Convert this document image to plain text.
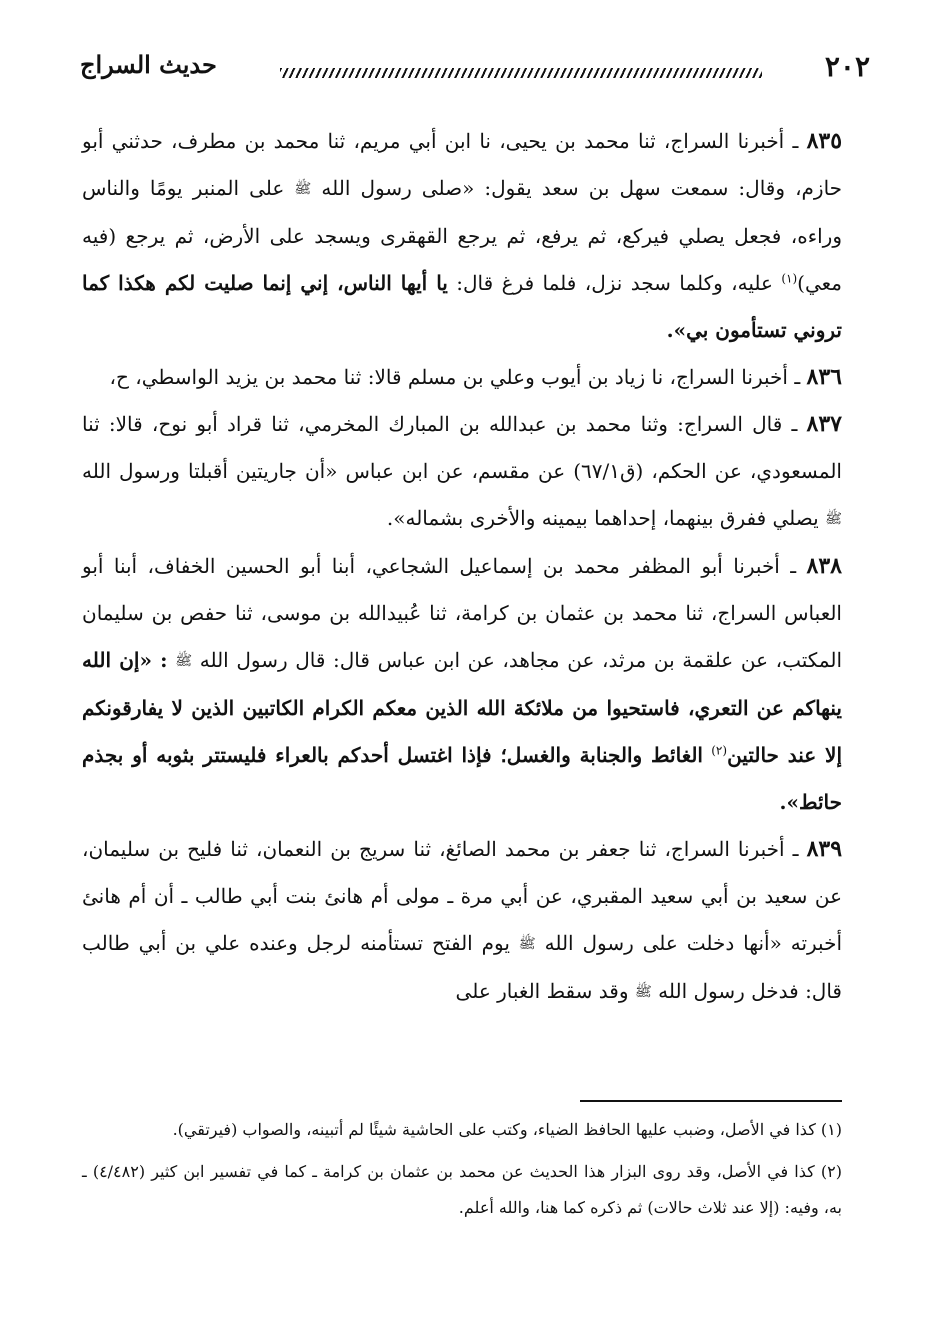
٢٠٢
حديث السراج

٨٣٥ ـ أخبرنا السراج، ثنا محمد بن يحيى، نا ابن أبي مريم، ثنا محمد بن مطرف، حدثني أبو حازم، وقال: سمعت سهل بن سعد يقول: «صلى رسول الله ﷺ على المنبر يومًا والناس وراءه، فجعل يصلي فيركع، ثم يرفع، ثم يرجع القهقرى ويسجد على الأرض، ثم يرجع (فيه معي)$^{(١)}$ عليه، وكلما سجد نزل، فلما فرغ قال: يا أيها الناس، إني إنما صليت لكم هكذا كما تروني تستأمون بي».

٨٣٦ ـ أخبرنا السراج، نا زياد بن أيوب وعلي بن مسلم قالا: ثنا محمد بن يزيد الواسطي، ح،

٨٣٧ ـ قال السراج: وثنا محمد بن عبدالله بن المبارك المخرمي، ثنا قراد أبو نوح، قالا: ثنا المسعودي، عن الحكم، (ق٦٧/١) عن مقسم، عن ابن عباس «أن جاريتين أقبلتا ورسول الله ﷺ يصلي ففرق بينهما، إحداهما بيمينه والأخرى بشماله».

٨٣٨ ـ أخبرنا أبو المظفر محمد بن إسماعيل الشجاعي، أبنا أبو الحسين الخفاف، أبنا أبو العباس السراج، ثنا محمد بن عثمان بن كرامة، ثنا عُبيدالله بن موسى، ثنا حفص بن سليمان المكتب، عن علقمة بن مرثد، عن مجاهد، عن ابن عباس قال: قال رسول الله ﷺ : «إن الله ينهاكم عن التعري، فاستحيوا من ملائكة الله الذين معكم الكرام الكاتبين الذين لا يفارقونكم إلا عند حالتين$^{(٢)}$ الغائط والجنابة والغسل؛ فإذا اغتسل أحدكم بالعراء فليستتر بثوبه أو بجذم حائط».

٨٣٩ ـ أخبرنا السراج، ثنا جعفر بن محمد الصائغ، ثنا سريج بن النعمان، ثنا فليح بن سليمان، عن سعيد بن أبي سعيد المقبري، عن أبي مرة ـ مولى أم هانئ بنت أبي طالب ـ أن أم هانئ أخبرته «أنها دخلت على رسول الله ﷺ يوم الفتح تستأمنه لرجل وعنده علي بن أبي طالب قال: فدخل رسول الله ﷺ وقد سقط الغبار على

(١) كذا في الأصل، وضبب عليها الحافظ الضياء، وكتب على الحاشية شيئًا لم أتبينه، والصواب (فيرتقي).

(٢) كذا في الأصل، وقد روى البزار هذا الحديث عن محمد بن عثمان بن كرامة ـ كما في تفسير ابن كثير (٤/٤٨٢) ـ به، وفيه: (إلا عند ثلاث حالات) ثم ذكره كما هنا، والله أعلم.
